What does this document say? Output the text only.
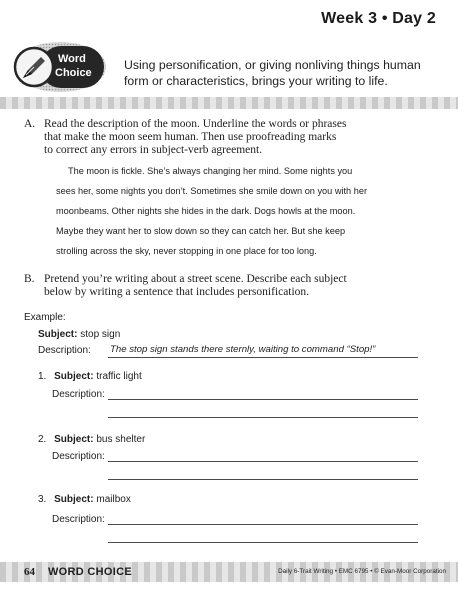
Week 3 • Day 2
Word
Choice
Using personification, or giving nonliving things human
form or characteristics, brings your writing to life.
A. Read the description of the moon. Underline the words or phrases
that make the moon seem human. Then use proofreading marks
to correct any errors in subject-verb agreement.
The moon is fickle. She’s always changing her mind. Some nights you
sees her, some nights you don’t. Sometimes she smile down on you with her
moonbeams. Other nights she hides in the dark. Dogs howls at the moon.
Maybe they want her to slow down so they can catch her. But she keep
strolling across the sky, never stopping in one place for too long.
B. Pretend you’re writing about a street scene. Describe each subject
below by writing a sentence that includes personification.
Example:
Subject: stop sign
Description: The stop sign stands there sternly, waiting to command “Stop!”
1. Subject: traffic light
Description:
2. Subject: bus shelter
Description:
3. Subject: mailbox
Description:
64 WORD CHOICE	Daily 6-Trait Writing • EMC 6795 • © Evan-Moor Corporation
